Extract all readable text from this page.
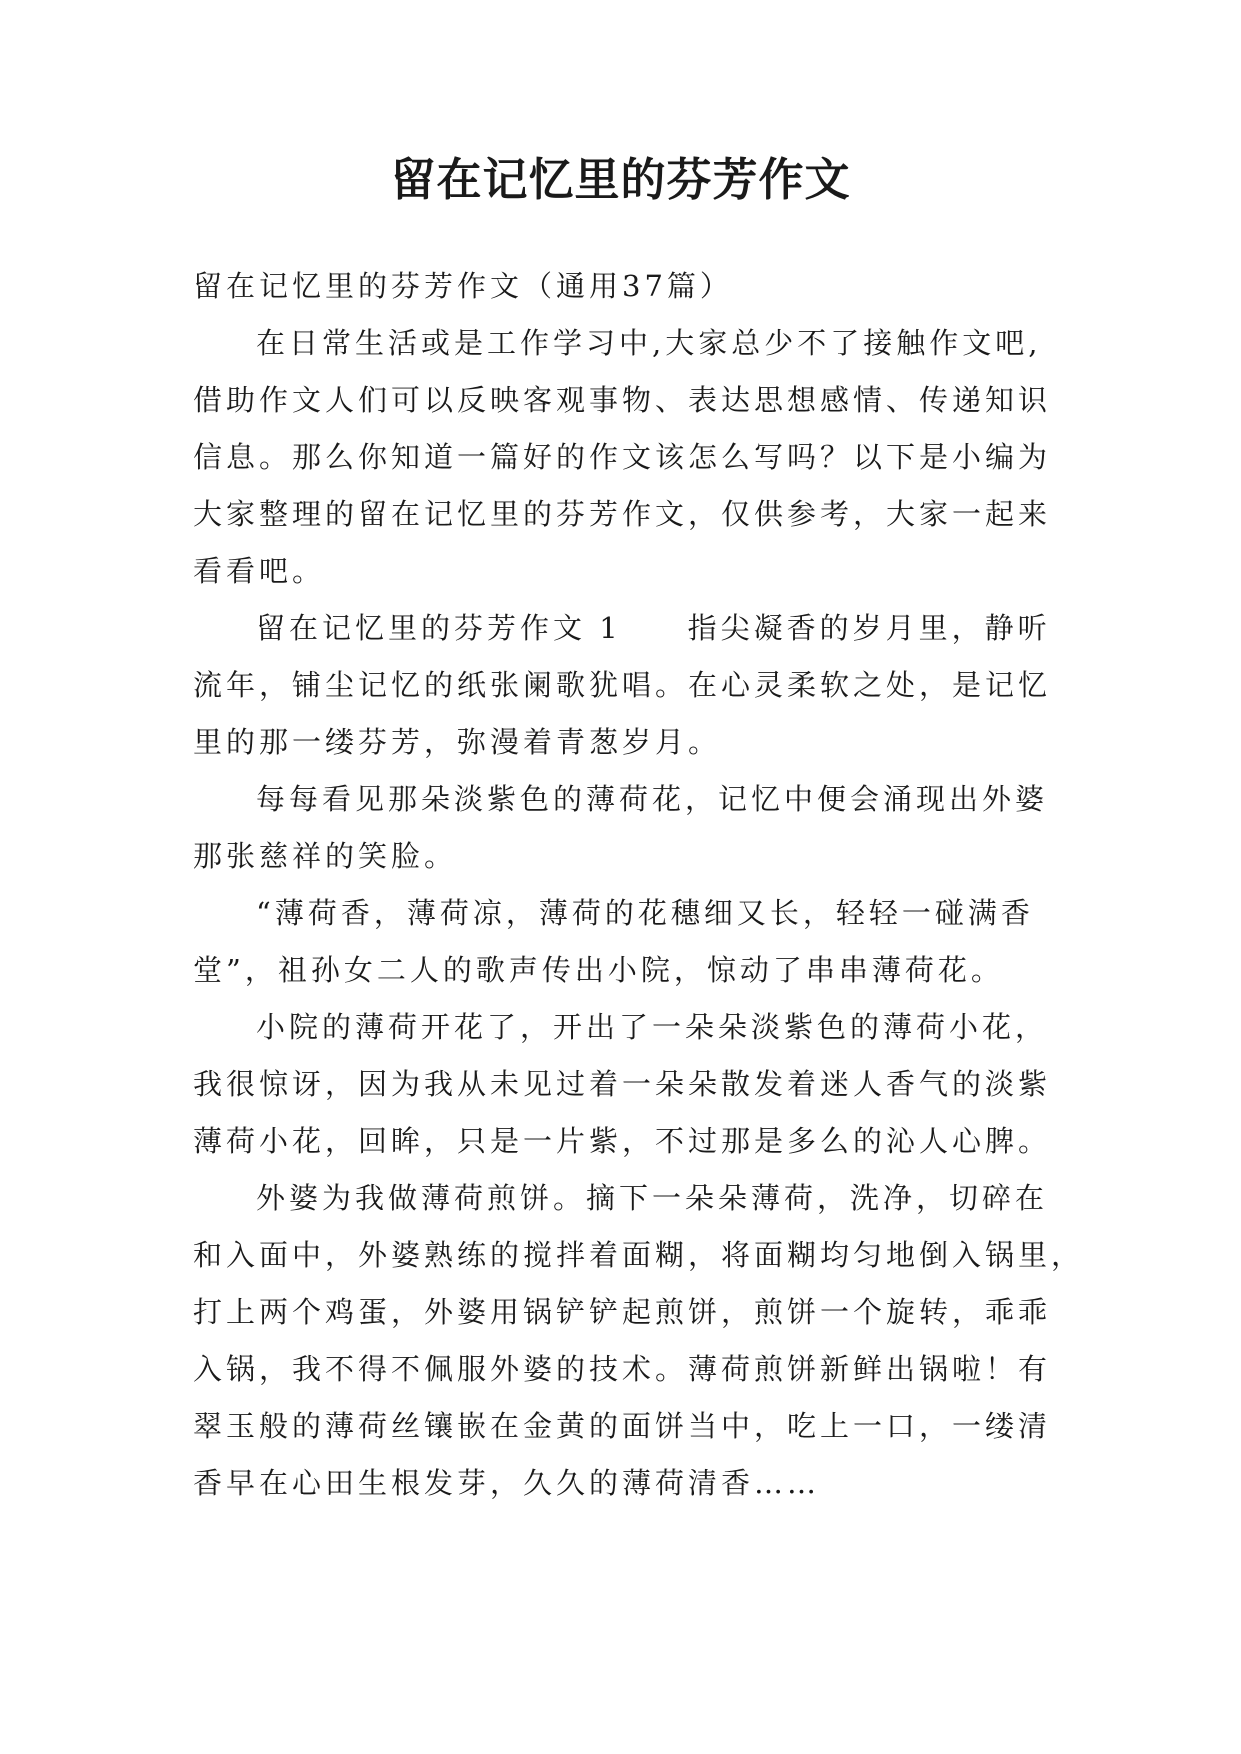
留在记忆里的芬芳作文
留在记忆里的芬芳作文（通用37篇）
在日常生活或是工作学习中,大家总少不了接触作文吧,
借助作文人们可以反映客观事物、表达思想感情、传递知识
信息。那么你知道一篇好的作文该怎么写吗？以下是小编为
大家整理的留在记忆里的芬芳作文，仅供参考，大家一起来
看看吧。
留在记忆里的芬芳作文 1　　指尖凝香的岁月里，静听
流年，铺尘记忆的纸张阑歌犹唱。在心灵柔软之处，是记忆
里的那一缕芬芳，弥漫着青葱岁月。
每每看见那朵淡紫色的薄荷花，记忆中便会涌现出外婆
那张慈祥的笑脸。
“薄荷香，薄荷凉，薄荷的花穗细又长，轻轻一碰满香
堂”，祖孙女二人的歌声传出小院，惊动了串串薄荷花。
小院的薄荷开花了，开出了一朵朵淡紫色的薄荷小花，
我很惊讶，因为我从未见过着一朵朵散发着迷人香气的淡紫
薄荷小花，回眸，只是一片紫，不过那是多么的沁人心脾。
外婆为我做薄荷煎饼。摘下一朵朵薄荷，洗净，切碎在
和入面中，外婆熟练的搅拌着面糊，将面糊均匀地倒入锅里，
打上两个鸡蛋，外婆用锅铲铲起煎饼，煎饼一个旋转，乖乖
入锅，我不得不佩服外婆的技术。薄荷煎饼新鲜出锅啦！有
翠玉般的薄荷丝镶嵌在金黄的面饼当中，吃上一口，一缕清
香早在心田生根发芽，久久的薄荷清香……
